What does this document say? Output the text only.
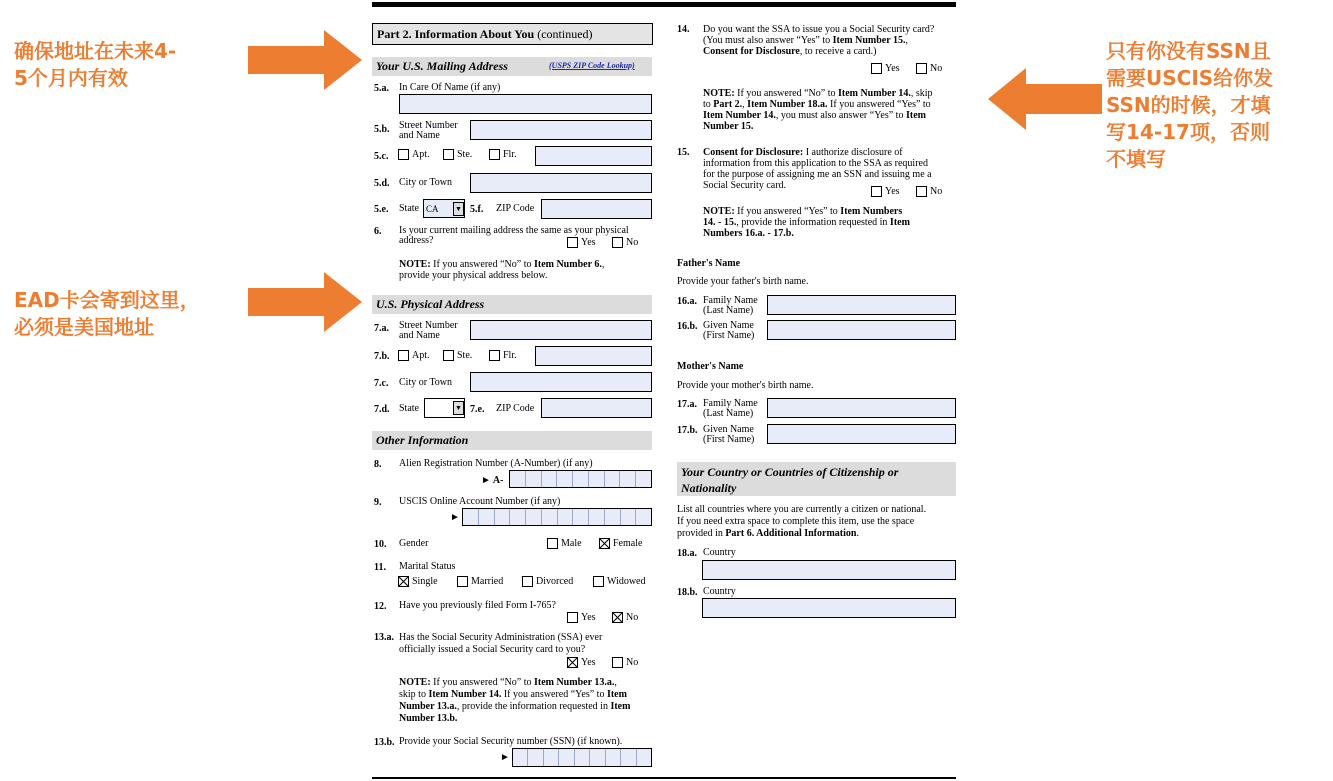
确保地址在未来4-
5个月内有效
EAD卡会寄到这里，
必须是美国地址
只有你没有SSN且
需要USCIS给你发
SSN的时候，才填
写14-17项，否则
不填写
Part 2. Information About You (continued)
Your U.S. Mailing Address	(USPS ZIP Code Lookup)
5.a. In Care Of Name (if any)
5.b. Street Number
and Name
5.c. Apt.	Ste.	Flr.
5.d. City or Town
5.e. State CA ▼ 5.f. ZIP Code
6. Is your current mailing address the same as your physical
address?	Yes	No
NOTE: If you answered “No” to Item Number 6.,
provide your physical address below.
U.S. Physical Address
7.a. Street Number
and Name
7.b. Apt.	Ste.	Flr.
7.c. City or Town
7.d. State	▼ 7.e. ZIP Code
Other Information
8. Alien Registration Number (A-Number) (if any)
► A-
9. USCIS Online Account Number (if any)
►
10. Gender	Male	Female
11. Marital Status
Single	Married	Divorced	Widowed
12. Have you previously filed Form I-765?
Yes	No
13.a. Has the Social Security Administration (SSA) ever
officially issued a Social Security card to you?
Yes	No
NOTE: If you answered “No” to Item Number 13.a.,
skip to Item Number 14. If you answered “Yes” to Item
Number 13.a., provide the information requested in Item
Number 13.b.
13.b. Provide your Social Security number (SSN) (if known).
►
14. Do you want the SSA to issue you a Social Security card?
(You must also answer “Yes” to Item Number 15.,
Consent for Disclosure, to receive a card.)
Yes	No
NOTE: If you answered “No” to Item Number 14., skip
to Part 2., Item Number 18.a. If you answered “Yes” to
Item Number 14., you must also answer “Yes” to Item
Number 15.
15. Consent for Disclosure: I authorize disclosure of
information from this application to the SSA as required
for the purpose of assigning me an SSN and issuing me a
Social Security card.
Yes	No
NOTE: If you answered “Yes” to Item Numbers
14. - 15., provide the information requested in Item
Numbers 16.a. - 17.b.
Father's Name
Provide your father's birth name.
16.a. Family Name
(Last Name)
16.b. Given Name
(First Name)
Mother's Name
Provide your mother's birth name.
17.a. Family Name
(Last Name)
17.b. Given Name
(First Name)
Your Country or Countries of Citizenship or
Nationality
List all countries where you are currently a citizen or national.
If you need extra space to complete this item, use the space
provided in Part 6. Additional Information.
18.a. Country
18.b. Country
